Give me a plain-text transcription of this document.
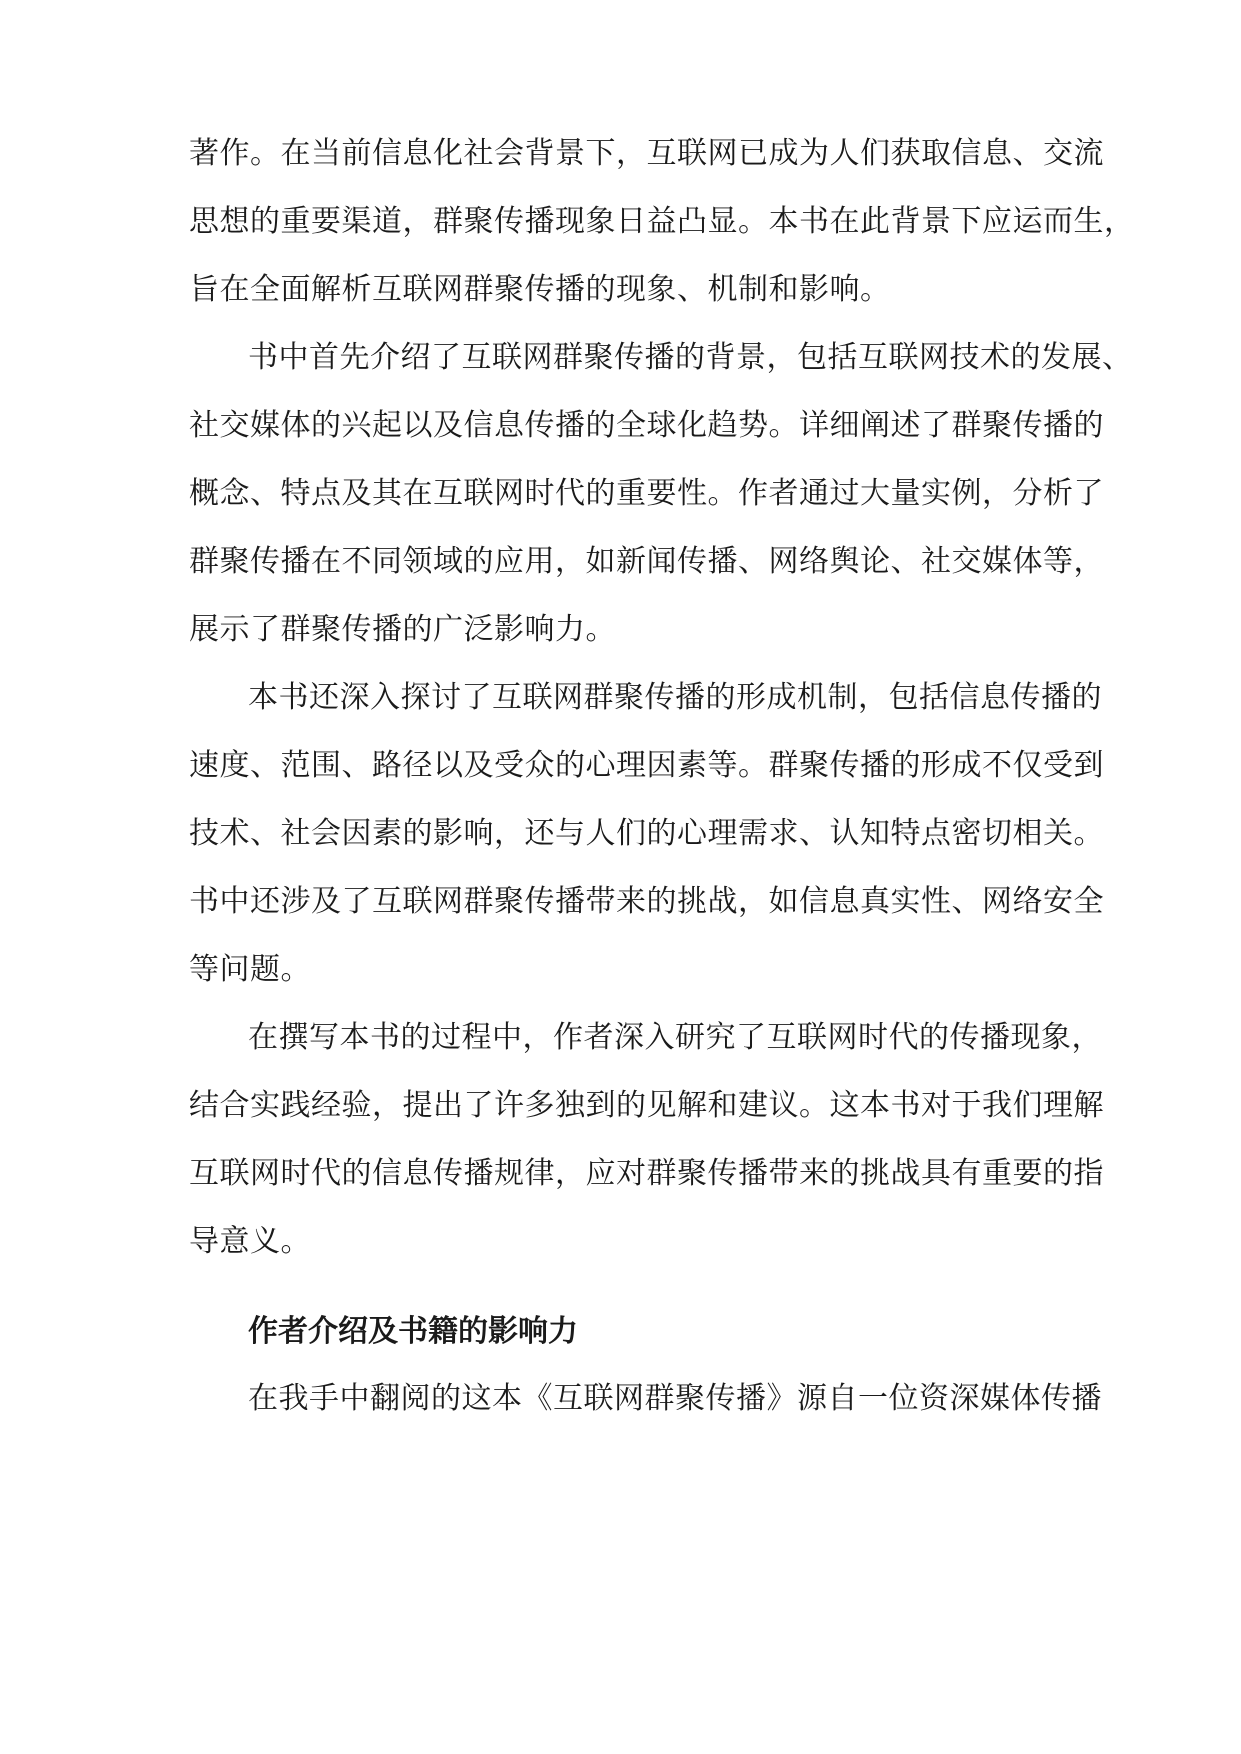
著作。在当前信息化社会背景下，互联网已成为人们获取信息、交流
思想的重要渠道，群聚传播现象日益凸显。本书在此背景下应运而生，
旨在全面解析互联网群聚传播的现象、机制和影响。
书中首先介绍了互联网群聚传播的背景，包括互联网技术的发展、
社交媒体的兴起以及信息传播的全球化趋势。详细阐述了群聚传播的
概念、特点及其在互联网时代的重要性。作者通过大量实例，分析了
群聚传播在不同领域的应用，如新闻传播、网络舆论、社交媒体等，
展示了群聚传播的广泛影响力。
本书还深入探讨了互联网群聚传播的形成机制，包括信息传播的
速度、范围、路径以及受众的心理因素等。群聚传播的形成不仅受到
技术、社会因素的影响，还与人们的心理需求、认知特点密切相关。
书中还涉及了互联网群聚传播带来的挑战，如信息真实性、网络安全
等问题。
在撰写本书的过程中，作者深入研究了互联网时代的传播现象，
结合实践经验，提出了许多独到的见解和建议。这本书对于我们理解
互联网时代的信息传播规律，应对群聚传播带来的挑战具有重要的指
导意义。
作者介绍及书籍的影响力
在我手中翻阅的这本《互联网群聚传播》源自一位资深媒体传播
